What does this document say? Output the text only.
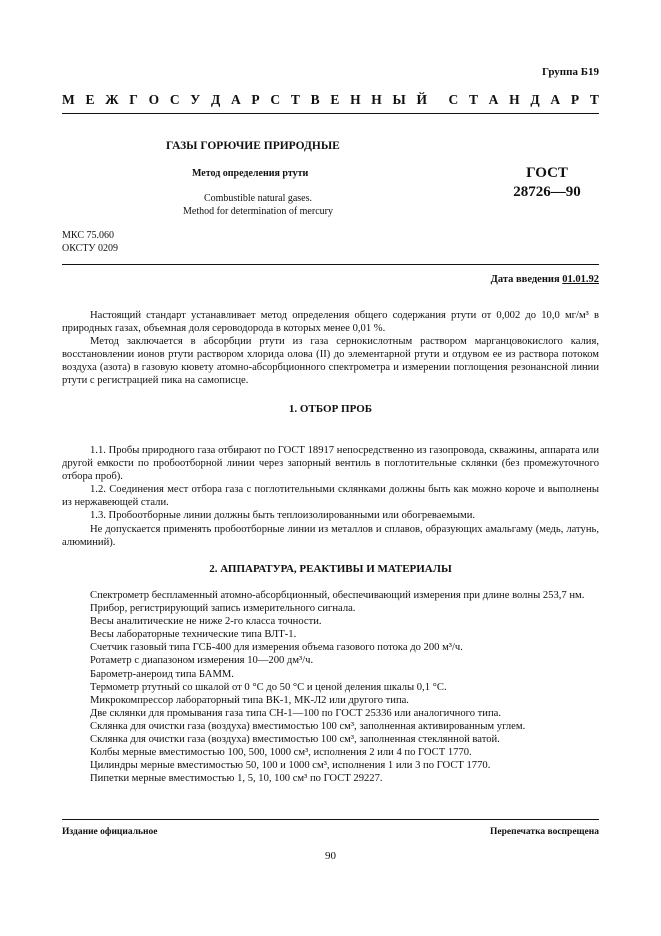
Группа Б19
М Е Ж Г О С У Д А Р С Т В Е Н Н Ы Й С Т А Н Д А Р Т
ГАЗЫ ГОРЮЧИЕ ПРИРОДНЫЕ
Метод определения ртути
Combustible natural gases.
Method for determination of mercury
ГОСТ
28726—90
МКС 75.060
ОКСТУ 0209
Дата введения 01.01.92

Настоящий стандарт устанавливает метод определения общего содержания ртути от 0,002 до 10,0 мг/м³ в природных газах, объемная доля сероводорода в которых менее 0,01 %.

Метод заключается в абсорбции ртути из газа сернокислотным раствором марганцовокислого калия, восстановлении ионов ртути раствором хлорида олова (II) до элементарной ртути и отдувом ее из раствора потоком воздуха (азота) в газовую кювету атомно-абсорбционного спектрометра и измерении поглощения резонансной линии ртути с регистрацией пика на самописце.

1. ОТБОР ПРОБ

1.1. Пробы природного газа отбирают по ГОСТ 18917 непосредственно из газопровода, скважины, аппарата или другой емкости по пробоотборной линии через запорный вентиль в поглотительные склянки (без промежуточного отбора проб).

1.2. Соединения мест отбора газа с поглотительными склянками должны быть как можно короче и выполнены из нержавеющей стали.

1.3. Пробоотборные линии должны быть теплоизолированными или обогреваемыми.

Не допускается применять пробоотборные линии из металлов и сплавов, образующих амальгаму (медь, латунь, алюминий).

2. АППАРАТУРА, РЕАКТИВЫ И МАТЕРИАЛЫ

Спектрометр беспламенный атомно-абсорбционный, обеспечивающий измерения при длине волны 253,7 нм.

Прибор, регистрирующий запись измерительного сигнала.

Весы аналитические не ниже 2-го класса точности.

Весы лабораторные технические типа ВЛТ-1.

Счетчик газовый типа ГСБ-400 для измерения объема газового потока до 200 м³/ч.

Ротаметр с диапазоном измерения 10—200 дм³/ч.

Барометр-анероид типа БАММ.

Термометр ртутный со шкалой от 0 °С до 50 °С и ценой деления шкалы 0,1 °С.

Микрокомпрессор лабораторный типа ВК-1, МК-Л2 или другого типа.

Две склянки для промывания газа типа СН-1—100 по ГОСТ 25336 или аналогичного типа.

Склянка для очистки газа (воздуха) вместимостью 100 см³, заполненная активированным углем.

Склянка для очистки газа (воздуха) вместимостью 100 см³, заполненная стеклянной ватой.

Колбы мерные вместимостью 100, 500, 1000 см³, исполнения 2 или 4 по ГОСТ 1770.

Цилиндры мерные вместимостью 50, 100 и 1000 см³, исполнения 1 или 3 по ГОСТ 1770.

Пипетки мерные вместимостью 1, 5, 10, 100 см³ по ГОСТ 29227.

Издание официальное	Перепечатка воспрещена
90
